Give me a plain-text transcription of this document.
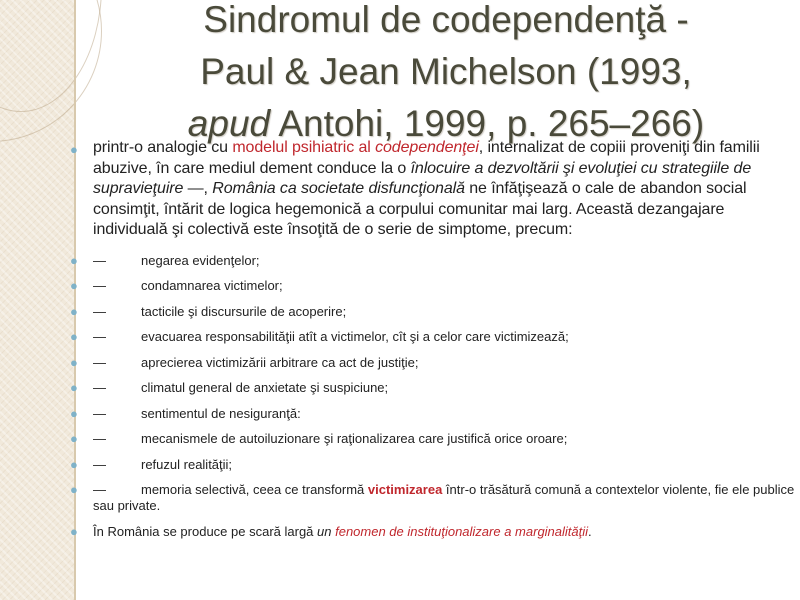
Sindromul de codependenţă -
Paul & Jean Michelson (1993,
apud Antohi, 1999, p. 265–266)
● printr-o analogie cu modelul psihiatric al codependenţei, internalizat de copiii proveniţi din familii abuzive, în care mediul dement conduce la o înlocuire a dezvoltării şi evoluţiei cu strategiile de supravieţuire —, România ca societate disfuncţională ne înfăţişează o cale de abandon social consimţit, întărit de logica hegemonică a corpului comunitar mai larg. Această dezangajare individuală şi colectivă este însoţită de o serie de simptome, precum:
● —	negarea evidenţelor;
● —	condamnarea victimelor;
● —	tacticile şi discursurile de acoperire;
● —	evacuarea responsabilităţii atît a victimelor, cît şi a celor care victimizează;
● —	aprecierea victimizării arbitrare ca act de justiţie;
● —	climatul general de anxietate şi suspiciune;
● —	sentimentul de nesiguranţă:
● —	mecanismele de autoiluzionare şi raţionalizarea care justifică orice oroare;
● —	refuzul realităţii;
● —	memoria selectivă, ceea ce transformă victimizarea într-o trăsătură comună a contextelor violente, fie ele publice sau private.
● În România se produce pe scară largă un fenomen de instituţionalizare a marginalităţii.
